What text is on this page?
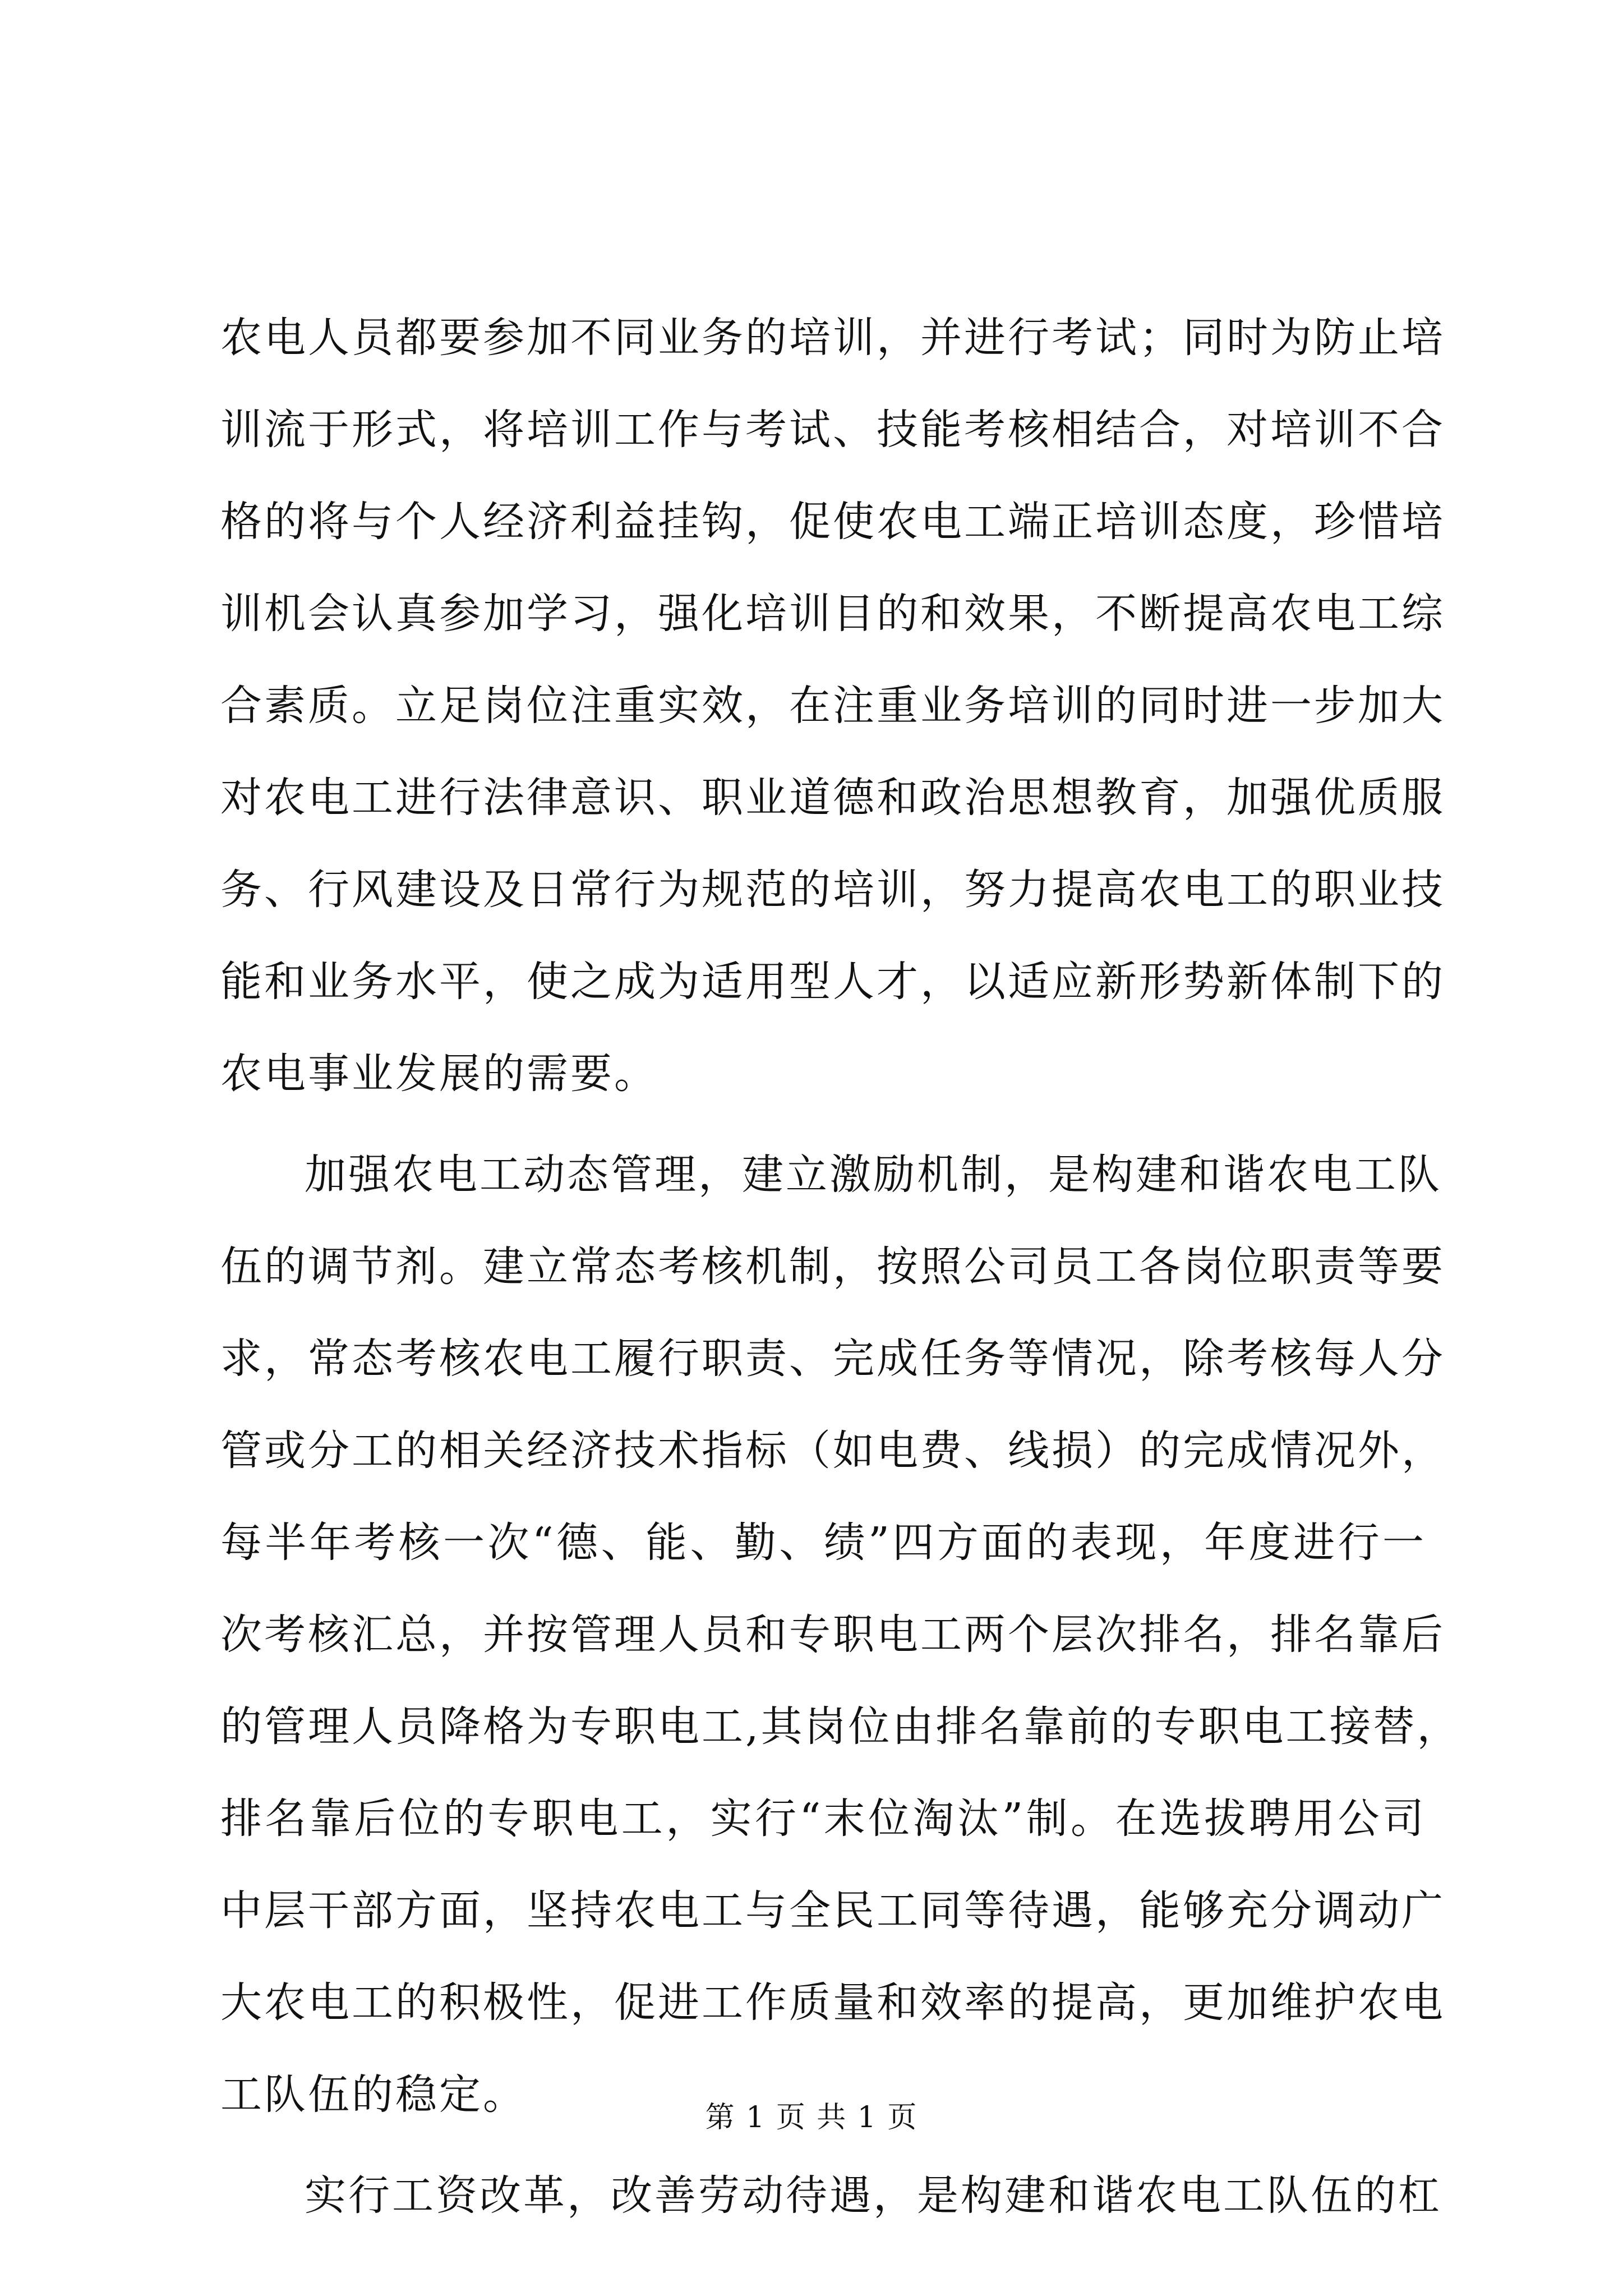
农电人员都要参加不同业务的培训，并进行考试；同时为防止培
训流于形式，将培训工作与考试、技能考核相结合，对培训不合
格的将与个人经济利益挂钩，促使农电工端正培训态度，珍惜培
训机会认真参加学习，强化培训目的和效果，不断提高农电工综
合素质。立足岗位注重实效，在注重业务培训的同时进一步加大
对农电工进行法律意识、职业道德和政治思想教育，加强优质服
务、行风建设及日常行为规范的培训，努力提高农电工的职业技
能和业务水平，使之成为适用型人才，以适应新形势新体制下的
农电事业发展的需要。
加强农电工动态管理，建立激励机制，是构建和谐农电工队
伍的调节剂。建立常态考核机制，按照公司员工各岗位职责等要
求，常态考核农电工履行职责、完成任务等情况，除考核每人分
管或分工的相关经济技术指标（如电费、线损）的完成情况外，
每半年考核一次“德、能、勤、绩”四方面的表现，年度进行一
次考核汇总，并按管理人员和专职电工两个层次排名，排名靠后
的管理人员降格为专职电工,其岗位由排名靠前的专职电工接替，
排名靠后位的专职电工，实行“末位淘汰”制。在选拔聘用公司
中层干部方面，坚持农电工与全民工同等待遇，能够充分调动广
大农电工的积极性，促进工作质量和效率的提高，更加维护农电
工队伍的稳定。
实行工资改革，改善劳动待遇，是构建和谐农电工队伍的杠
第 1 页 共 1 页
